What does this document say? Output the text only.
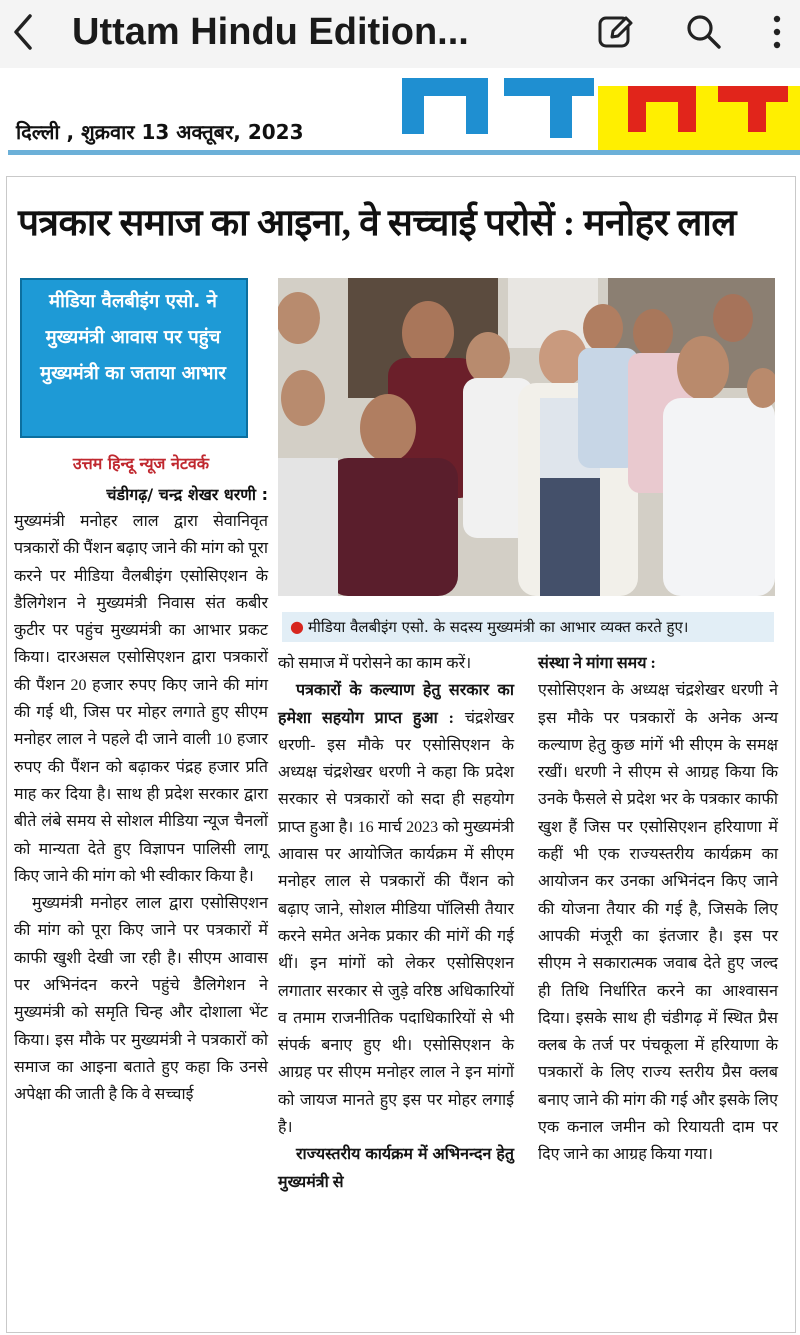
Uttam Hindu Edition...
दिल्ली , शुक्रवार 13 अक्तूबर, 2023
पत्रकार समाज का आइना, वे सच्चाई परोसें : मनोहर लाल
मीडिया वैलबीइंग एसो. ने मुख्यमंत्री आवास पर पहुंच मुख्यमंत्री का जताया आभार
उत्तम हिन्दू न्यूज नेटवर्क
चंडीगढ़/ चन्द्र शेखर धरणी :

मुख्यमंत्री मनोहर लाल द्वारा सेवानिवृत पत्रकारों की पैंशन बढ़ाए जाने की मांग को पूरा करने पर मीडिया वैलबीइंग एसोसिएशन के डैलिगेशन ने मुख्यमंत्री निवास संत कबीर कुटीर पर पहुंच मुख्यमंत्री का आभार प्रकट किया। दारअसल एसोसिएशन द्वारा पत्रकारों की पैंशन 20 हजार रुपए किए जाने की मांग की गई थी, जिस पर मोहर लगाते हुए सीएम मनोहर लाल ने पहले दी जाने वाली 10 हजार रुपए की पैंशन को बढ़ाकर पंद्रह हजार प्रति माह कर दिया है। साथ ही प्रदेश सरकार द्वारा बीते लंबे समय से सोशल मीडिया न्यूज चैनलों को मान्यता देते हुए विज्ञापन पालिसी लागू किए जाने की मांग को भी स्वीकार किया है।

मुख्यमंत्री मनोहर लाल द्वारा एसोसिएशन की मांग को पूरा किए जाने पर पत्रकारों में काफी खुशी देखी जा रही है। सीएम आवास पर अभिनंदन करने पहुंचे डैलिगेशन ने मुख्यमंत्री को समृति चिन्ह और दोशाला भेंट किया। इस मौके पर मुख्यमंत्री ने पत्रकारों को समाज का आइना बताते हुए कहा कि उनसे अपेक्षा की जाती है कि वे सच्चाई

● मीडिया वैलबीइंग एसो. के सदस्य मुख्यमंत्री का आभार व्यक्त करते हुए।

को समाज में परोसने का काम करें।

पत्रकारों के कल्याण हेतु सरकार का हमेशा सहयोग प्राप्त हुआ : चंद्रशेखर धरणी- इस मौके पर एसोसिएशन के अध्यक्ष चंद्रशेखर धरणी ने कहा कि प्रदेश सरकार से पत्रकारों को सदा ही सहयोग प्राप्त हुआ है। 16 मार्च 2023 को मुख्यमंत्री आवास पर आयोजित कार्यक्रम में सीएम मनोहर लाल से पत्रकारों की पैंशन को बढ़ाए जाने, सोशल मीडिया पॉलिसी तैयार करने समेत अनेक प्रकार की मांगें की गई थीं। इन मांगों को लेकर एसोसिएशन लगातार सरकार से जुड़े वरिष्ठ अधिकारियों व तमाम राजनीतिक पदाधिकारियों से भी संपर्क बनाए हुए थी। एसोसिएशन के आग्रह पर सीएम मनोहर लाल ने इन मांगों को जायज मानते हुए इस पर मोहर लगाई है।

राज्यस्तरीय कार्यक्रम में अभिनन्दन हेतु मुख्यमंत्री से

संस्था ने मांगा समय :

एसोसिएशन के अध्यक्ष चंद्रशेखर धरणी ने इस मौके पर पत्रकारों के अनेक अन्य कल्याण हेतु कुछ मांगें भी सीएम के समक्ष रखीं। धरणी ने सीएम से आग्रह किया कि उनके फैसले से प्रदेश भर के पत्रकार काफी खुश हैं जिस पर एसोसिएशन हरियाणा में कहीं भी एक राज्यस्तरीय कार्यक्रम का आयोजन कर उनका अभिनंदन किए जाने की योजना तैयार की गई है, जिसके लिए आपकी मंजूरी का इंतजार है। इस पर सीएम ने सकारात्मक जवाब देते हुए जल्द ही तिथि निर्धारित करने का आश्वासन दिया। इसके साथ ही चंडीगढ़ में स्थित प्रैस क्लब के तर्ज पर पंचकूला में हरियाणा के पत्रकारों के लिए राज्य स्तरीय प्रैस क्लब बनाए जाने की मांग की गई और इसके लिए एक कनाल जमीन को रियायती दाम पर दिए जाने का आग्रह किया गया।
